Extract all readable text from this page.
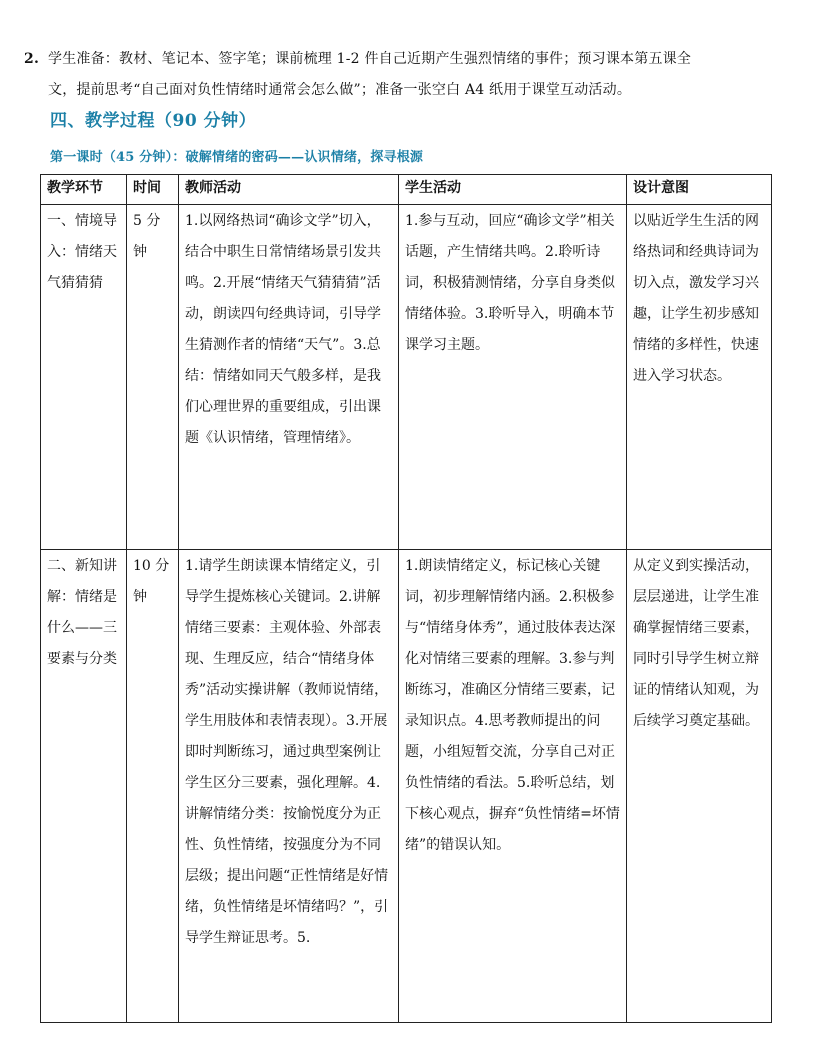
2. 学生准备：教材、笔记本、签字笔；课前梳理 1-2 件自己近期产生强烈情绪的事件；预习课本第五课全
文，提前思考“自己面对负性情绪时通常会怎么做”；准备一张空白 A4 纸用于课堂互动活动。
四、教学过程（90 分钟）
第一课时（45 分钟）：破解情绪的密码——认识情绪，探寻根源
教学环节	时间	教师活动	学生活动	设计意图
一、情境导入：情绪天气猜猜猜	5 分钟	1.以网络热词“确诊文学”切入，结合中职生日常情绪场景引发共鸣。2.开展“情绪天气猜猜猜”活动，朗读四句经典诗词，引导学生猜测作者的情绪“天气”。3.总结：情绪如同天气般多样，是我们心理世界的重要组成，引出课题《认识情绪，管理情绪》。	1.参与互动，回应“确诊文学”相关话题，产生情绪共鸣。2.聆听诗词，积极猜测情绪，分享自身类似情绪体验。3.聆听导入，明确本节课学习主题。	以贴近学生生活的网络热词和经典诗词为切入点，激发学习兴趣，让学生初步感知情绪的多样性，快速进入学习状态。
二、新知讲解：情绪是什么——三要素与分类	10 分钟	1.请学生朗读课本情绪定义，引导学生提炼核心关键词。2.讲解情绪三要素：主观体验、外部表现、生理反应，结合“情绪身体秀”活动实操讲解（教师说情绪，学生用肢体和表情表现）。3.开展即时判断练习，通过典型案例让学生区分三要素，强化理解。4.讲解情绪分类：按愉悦度分为正性、负性情绪，按强度分为不同层级；提出问题“正性情绪是好情绪，负性情绪是坏情绪吗？”，引导学生辩证思考。5.	1.朗读情绪定义，标记核心关键词，初步理解情绪内涵。2.积极参与“情绪身体秀”，通过肢体表达深化对情绪三要素的理解。3.参与判断练习，准确区分情绪三要素，记录知识点。4.思考教师提出的问题，小组短暂交流，分享自己对正负性情绪的看法。5.聆听总结，划下核心观点，摒弃“负性情绪=坏情绪”的错误认知。	从定义到实操活动，层层递进，让学生准确掌握情绪三要素，同时引导学生树立辩证的情绪认知观，为后续学习奠定基础。
